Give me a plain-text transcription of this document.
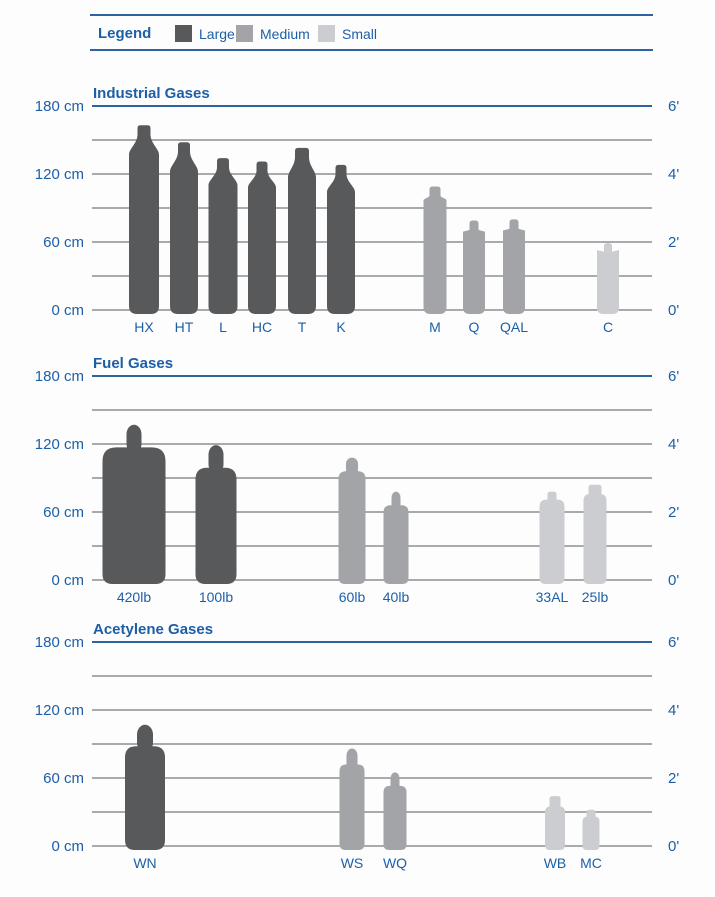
Legend	Large Medium Small
Industrial Gases
Fuel Gases
Acetylene Gases
HX HT L HC T K	M Q QAL	C
180 cm	6'
120 cm	4'
60 cm	2'
0 cm	0'
420lb	100lb	60lb 40lb	33AL 25lb
180 cm	6'
120 cm	4'
60 cm	2'
0 cm	0'
WN	WS WQ	WB MC
180 cm	6'
120 cm	4'
60 cm	2'
0 cm	0'
